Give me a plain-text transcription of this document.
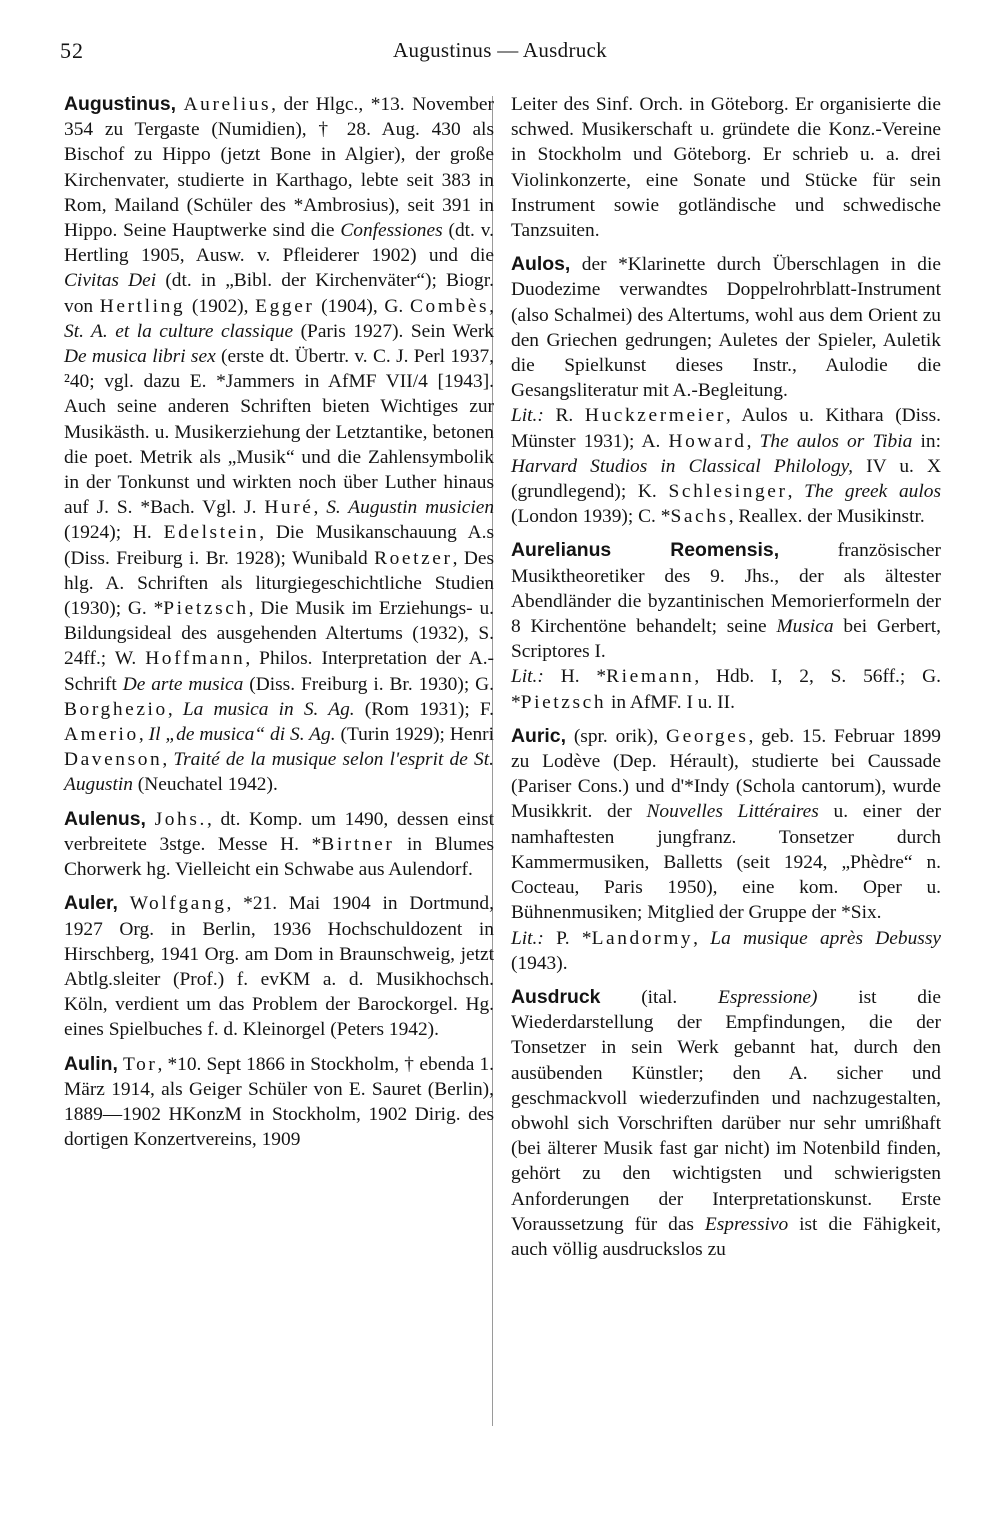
52	Augustinus — Ausdruck

Augustinus, Aurelius, der Hlgc., *13. November 354 zu Tergaste (Numidien), † 28. Aug. 430 als Bischof zu Hippo (jetzt Bone in Algier), der große Kirchenvater, studierte in Karthago, lebte seit 383 in Rom, Mailand (Schüler des *Ambrosius), seit 391 in Hippo. Seine Hauptwerke sind die Confessiones (dt. v. Hertling 1905, Ausw. v. Pfleiderer 1902) und die Civitas Dei (dt. in „Bibl. der Kirchenväter“); Biogr. von Hertling (1902), Egger (1904), G. Combès, St. A. et la culture classique (Paris 1927). Sein Werk De musica libri sex (erste dt. Übertr. v. C. J. Perl 1937, ²40; vgl. dazu E. *Jammers in AfMF VII/4 [1943]. Auch seine anderen Schriften bieten Wichtiges zur Musikästh. u. Musikerziehung der Letztantike, betonen die poet. Metrik als „Musik“ und die Zahlensymbolik in der Tonkunst und wirkten noch über Luther hinaus auf J. S. *Bach. Vgl. J. Huré, S. Augustin musicien (1924); H. Edelstein, Die Musikanschauung A.s (Diss. Freiburg i. Br. 1928); Wunibald Roetzer, Des hlg. A. Schriften als liturgiegeschichtliche Studien (1930); G. *Pietzsch, Die Musik im Erziehungs- u. Bildungsideal des ausgehenden Altertums (1932), S. 24ff.; W. Hoffmann, Philos. Interpretation der A.-Schrift De arte musica (Diss. Freiburg i. Br. 1930); G. Borghezio, La musica in S. Ag. (Rom 1931); F. Amerio, Il „de musica“ di S. Ag. (Turin 1929); Henri Davenson, Traité de la musique selon l'esprit de St. Augustin (Neuchatel 1942).

Aulenus, Johs., dt. Komp. um 1490, dessen einst verbreitete 3stge. Messe H. *Birtner in Blumes Chorwerk hg. Vielleicht ein Schwabe aus Aulendorf.

Auler, Wolfgang, *21. Mai 1904 in Dortmund, 1927 Org. in Berlin, 1936 Hochschuldozent in Hirschberg, 1941 Org. am Dom in Braunschweig, jetzt Abtlg.sleiter (Prof.) f. evKM a. d. Musikhochsch. Köln, verdient um das Problem der Barockorgel. Hg. eines Spielbuches f. d. Kleinorgel (Peters 1942).

Aulin, Tor, *10. Sept 1866 in Stockholm, † ebenda 1. März 1914, als Geiger Schüler von E. Sauret (Berlin), 1889—1902 HKonzM in Stockholm, 1902 Dirig. des dortigen Konzertvereins, 1909

Leiter des Sinf. Orch. in Göteborg. Er organisierte die schwed. Musikerschaft u. gründete die Konz.-Vereine in Stockholm und Göteborg. Er schrieb u. a. drei Violinkonzerte, eine Sonate und Stücke für sein Instrument sowie gotländische und schwedische Tanzsuiten.

Aulos, der *Klarinette durch Überschlagen in die Duodezime verwandtes Doppelrohrblatt-Instrument (also Schalmei) des Altertums, wohl aus dem Orient zu den Griechen gedrungen; Auletes der Spieler, Auletik die Spielkunst dieses Instr., Aulodie die Gesangsliteratur mit A.-Begleitung.
Lit.: R. Huckzermeier, Aulos u. Kithara (Diss. Münster 1931); A. Howard, The aulos or Tibia in: Harvard Studios in Classical Philology, IV u. X (grundlegend); K. Schlesinger, The greek aulos (London 1939); C. *Sachs, Reallex. der Musikinstr.

Aurelianus Reomensis, französischer Musiktheoretiker des 9. Jhs., der als ältester Abendländer die byzantinischen Memorierformeln der 8 Kirchentöne behandelt; seine Musica bei Gerbert, Scriptores I.
Lit.: H. *Riemann, Hdb. I, 2, S. 56ff.; G. *Pietzsch in AfMF. I u. II.

Auric, (spr. orik), Georges, geb. 15. Februar 1899 zu Lodève (Dep. Hérault), studierte bei Caussade (Pariser Cons.) und d'*Indy (Schola cantorum), wurde Musikkrit. der Nouvelles Littéraires u. einer der namhaftesten jungfranz. Tonsetzer durch Kammermusiken, Balletts (seit 1924, „Phèdre“ n. Cocteau, Paris 1950), eine kom. Oper u. Bühnenmusiken; Mitglied der Gruppe der *Six.
Lit.: P. *Landormy, La musique après Debussy (1943).

Ausdruck (ital. Espressione) ist die Wiederdarstellung der Empfindungen, die der Tonsetzer in sein Werk gebannt hat, durch den ausübenden Künstler; den A. sicher und geschmackvoll wiederzufinden und nachzugestalten, obwohl sich Vorschriften darüber nur sehr umrißhaft (bei älterer Musik fast gar nicht) im Notenbild finden, gehört zu den wichtigsten und schwierigsten Anforderungen der Interpretationskunst. Erste Voraussetzung für das Espressivo ist die Fähigkeit, auch völlig ausdruckslos zu
